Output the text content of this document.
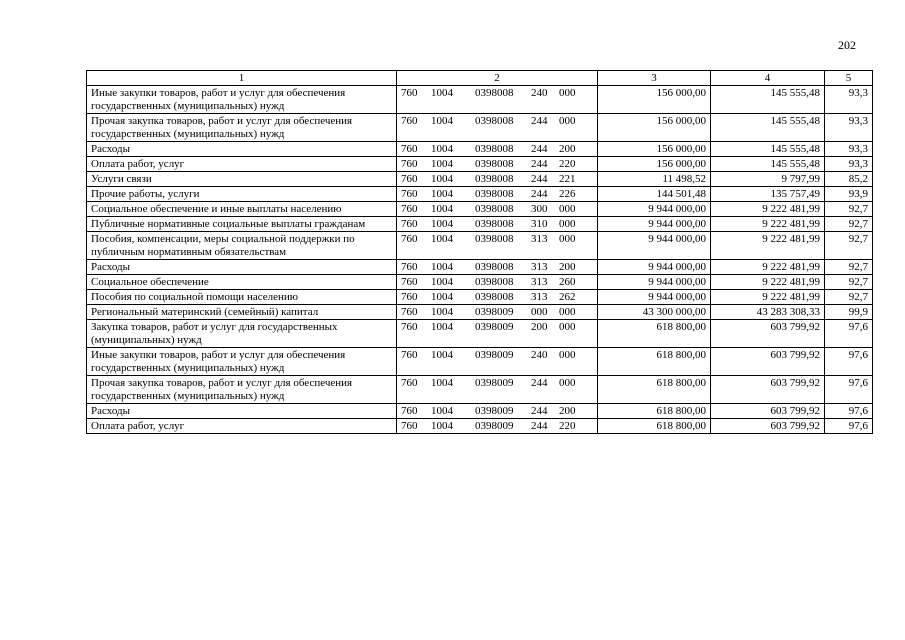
202
1	2	3	4	5
Иные закупки товаров, работ и услуг для обеспечения государственных (муниципальных) нужд	760 1004 0398008 240 000	156 000,00	145 555,48	93,3
Прочая закупка товаров, работ и услуг для обеспечения государственных (муниципальных) нужд	760 1004 0398008 244 000	156 000,00	145 555,48	93,3
Расходы	760 1004 0398008 244 200	156 000,00	145 555,48	93,3
Оплата работ, услуг	760 1004 0398008 244 220	156 000,00	145 555,48	93,3
Услуги связи	760 1004 0398008 244 221	11 498,52	9 797,99	85,2
Прочие работы, услуги	760 1004 0398008 244 226	144 501,48	135 757,49	93,9
Социальное обеспечение и иные выплаты населению	760 1004 0398008 300 000	9 944 000,00	9 222 481,99	92,7
Публичные нормативные социальные выплаты гражданам	760 1004 0398008 310 000	9 944 000,00	9 222 481,99	92,7
Пособия, компенсации, меры социальной поддержки по публичным нормативным обязательствам	760 1004 0398008 313 000	9 944 000,00	9 222 481,99	92,7
Расходы	760 1004 0398008 313 200	9 944 000,00	9 222 481,99	92,7
Социальное обеспечение	760 1004 0398008 313 260	9 944 000,00	9 222 481,99	92,7
Пособия по социальной помощи населению	760 1004 0398008 313 262	9 944 000,00	9 222 481,99	92,7
Региональный материнский (семейный) капитал	760 1004 0398009 000 000	43 300 000,00	43 283 308,33	99,9
Закупка товаров, работ и услуг для государственных (муниципальных) нужд	760 1004 0398009 200 000	618 800,00	603 799,92	97,6
Иные закупки товаров, работ и услуг для обеспечения государственных (муниципальных) нужд	760 1004 0398009 240 000	618 800,00	603 799,92	97,6
Прочая закупка товаров, работ и услуг для обеспечения государственных (муниципальных) нужд	760 1004 0398009 244 000	618 800,00	603 799,92	97,6
Расходы	760 1004 0398009 244 200	618 800,00	603 799,92	97,6
Оплата работ, услуг	760 1004 0398009 244 220	618 800,00	603 799,92	97,6
